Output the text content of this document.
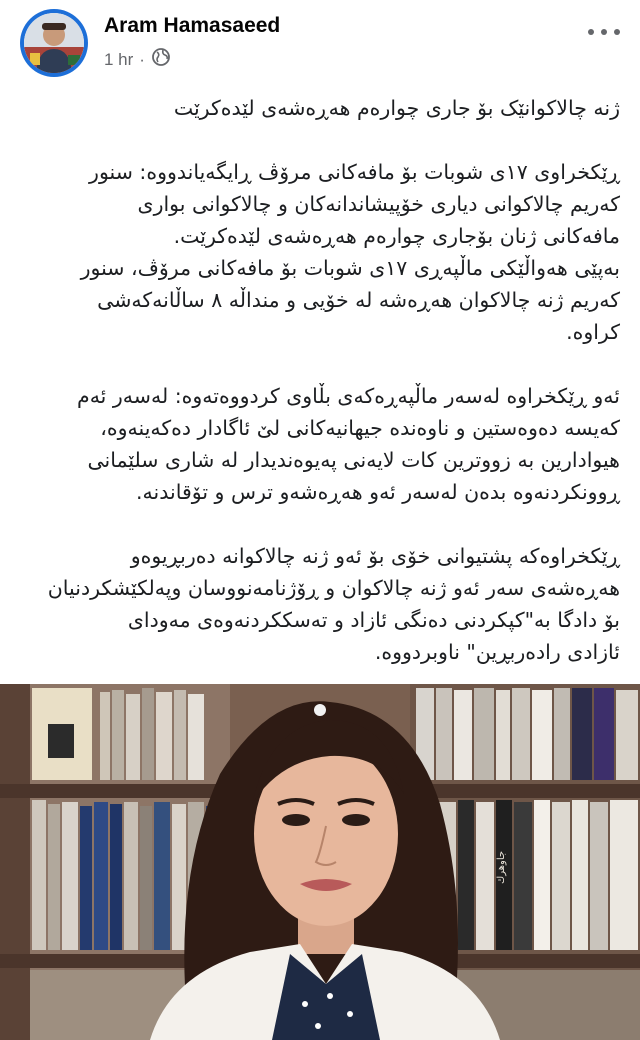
Aram Hamasaeed
1 hr ·

ژنە چالاکوانێک بۆ جاری چوارەم هەڕەشەی لێدەکرێت

ڕێکخراوی ١٧ی شوبات بۆ مافەکانی مرۆڤ ڕایگەیاندووە: سنور
کەریم چالاکوانی دیاری خۆپیشاندانەکان و چالاکوانی بواری
مافەکانی ژنان بۆجاری چوارەم هەڕەشەی لێدەکرێت.
بەپێی هەواڵێکی ماڵپەڕی ١٧ی شوبات بۆ مافەکانی مرۆڤ، سنور
کەریم ژنە چالاکوان هەڕەشە لە خۆیی و منداڵە ٨ ساڵانەکەشی
کراوە.

ئەو ڕێکخراوە لەسەر ماڵپەڕەکەی بڵاوی کردووەتەوە: لەسەر ئەم
کەیسە دەوەستین و ناوەندە جیهانیەکانی لێ ئاگادار دەکەینەوە،
هیوادارین بە زووترین کات لایەنی پەیوەندیدار لە شاری سلێمانی
ڕوونکردنەوە بدەن لەسەر ئەو هەڕەشەو ترس و تۆقاندنە.

ڕێکخراوەکە پشتیوانی خۆی بۆ ئەو ژنە چالاکوانە دەربڕیوەو
هەڕەشەی سەر ئەو ژنە چالاکوان و ڕۆژنامەنووسان وپەلکێشکردنیان
بۆ دادگا بە"کپکردنی دەنگی ئازاد و تەسککردنەوەی مەودای
ئازادی رادەربڕین" ناوبردووە.

جاوهرك
